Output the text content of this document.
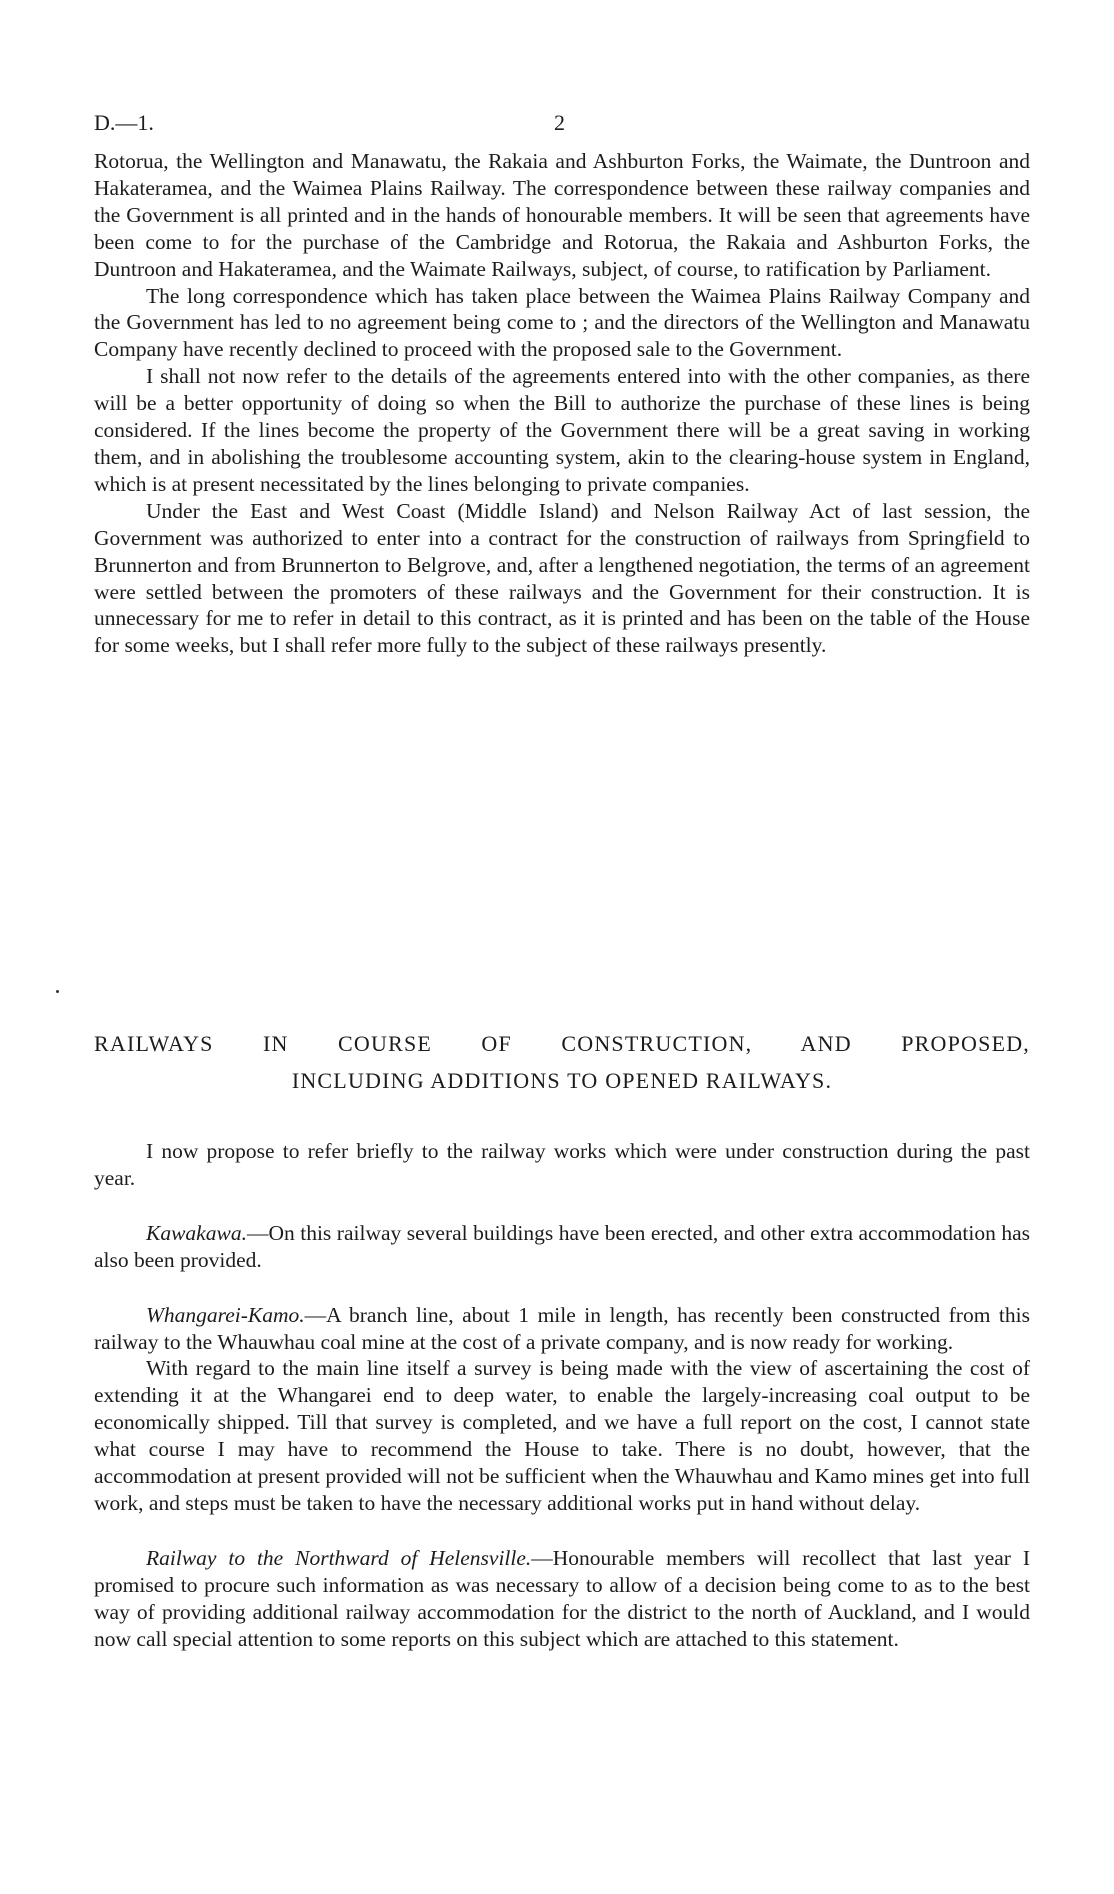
D.—1.	2

Rotorua, the Wellington and Manawatu, the Rakaia and Ashburton Forks, the Waimate, the Duntroon and Hakateramea, and the Waimea Plains Railway. The correspondence between these railway companies and the Government is all printed and in the hands of honourable members. It will be seen that agreements have been come to for the purchase of the Cambridge and Rotorua, the Rakaia and Ashburton Forks, the Duntroon and Hakateramea, and the Waimate Railways, subject, of course, to ratification by Parliament.

The long correspondence which has taken place between the Waimea Plains Railway Company and the Government has led to no agreement being come to ; and the directors of the Wellington and Manawatu Company have recently declined to proceed with the proposed sale to the Government.

I shall not now refer to the details of the agreements entered into with the other companies, as there will be a better opportunity of doing so when the Bill to authorize the purchase of these lines is being considered. If the lines become the property of the Government there will be a great saving in working them, and in abolishing the troublesome accounting system, akin to the clearing-house system in England, which is at present necessitated by the lines belonging to private companies.

Under the East and West Coast (Middle Island) and Nelson Railway Act of last session, the Government was authorized to enter into a contract for the construction of railways from Springfield to Brunnerton and from Brunnerton to Belgrove, and, after a lengthened negotiation, the terms of an agreement were settled between the promoters of these railways and the Government for their construction. It is unnecessary for me to refer in detail to this contract, as it is printed and has been on the table of the House for some weeks, but I shall refer more fully to the subject of these railways presently.

RAILWAYS IN COURSE OF CONSTRUCTION, AND PROPOSED,
INCLUDING ADDITIONS TO OPENED RAILWAYS.

I now propose to refer briefly to the railway works which were under construction during the past year.

Kawakawa.—On this railway several buildings have been erected, and other extra accommodation has also been provided.

Whangarei-Kamo.—A branch line, about 1 mile in length, has recently been constructed from this railway to the Whauwhau coal mine at the cost of a private company, and is now ready for working.

With regard to the main line itself a survey is being made with the view of ascertaining the cost of extending it at the Whangarei end to deep water, to enable the largely-increasing coal output to be economically shipped. Till that survey is completed, and we have a full report on the cost, I cannot state what course I may have to recommend the House to take. There is no doubt, however, that the accommodation at present provided will not be sufficient when the Whauwhau and Kamo mines get into full work, and steps must be taken to have the necessary additional works put in hand without delay.

Railway to the Northward of Helensville.—Honourable members will recollect that last year I promised to procure such information as was necessary to allow of a decision being come to as to the best way of providing additional railway accommodation for the district to the north of Auckland, and I would now call special attention to some reports on this subject which are attached to this statement.
